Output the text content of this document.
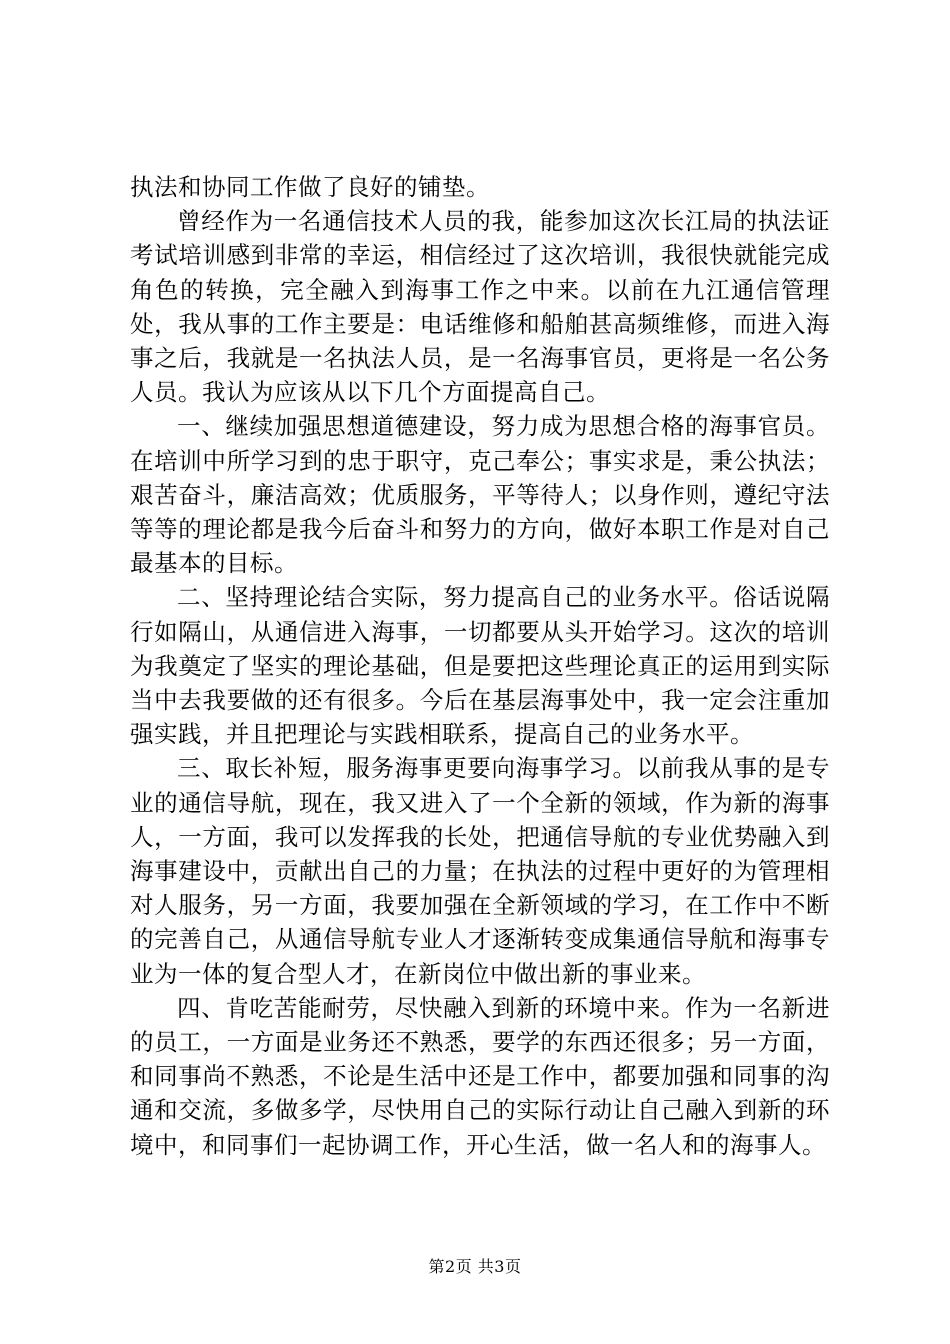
执法和协同工作做了良好的铺垫。

曾经作为一名通信技术人员的我，能参加这次长江局的执法证考试培训感到非常的幸运，相信经过了这次培训，我很快就能完成角色的转换，完全融入到海事工作之中来。以前在九江通信管理处，我从事的工作主要是：电话维修和船舶甚高频维修，而进入海事之后，我就是一名执法人员，是一名海事官员，更将是一名公务人员。我认为应该从以下几个方面提高自己。

一、继续加强思想道德建设，努力成为思想合格的海事官员。在培训中所学习到的忠于职守，克己奉公；事实求是，秉公执法；艰苦奋斗，廉洁高效；优质服务，平等待人；以身作则，遵纪守法等等的理论都是我今后奋斗和努力的方向，做好本职工作是对自己最基本的目标。

二、坚持理论结合实际，努力提高自己的业务水平。俗话说隔行如隔山，从通信进入海事，一切都要从头开始学习。这次的培训为我奠定了坚实的理论基础，但是要把这些理论真正的运用到实际当中去我要做的还有很多。今后在基层海事处中，我一定会注重加强实践，并且把理论与实践相联系，提高自己的业务水平。

三、取长补短，服务海事更要向海事学习。以前我从事的是专业的通信导航，现在，我又进入了一个全新的领域，作为新的海事人，一方面，我可以发挥我的长处，把通信导航的专业优势融入到海事建设中，贡献出自己的力量；在执法的过程中更好的为管理相对人服务，另一方面，我要加强在全新领域的学习，在工作中不断的完善自己，从通信导航专业人才逐渐转变成集通信导航和海事专业为一体的复合型人才，在新岗位中做出新的事业来。

四、肯吃苦能耐劳，尽快融入到新的环境中来。作为一名新进的员工，一方面是业务还不熟悉，要学的东西还很多；另一方面，和同事尚不熟悉，不论是生活中还是工作中，都要加强和同事的沟通和交流，多做多学，尽快用自己的实际行动让自己融入到新的环境中，和同事们一起协调工作，开心生活，做一名人和的海事人。

第2页 共3页
